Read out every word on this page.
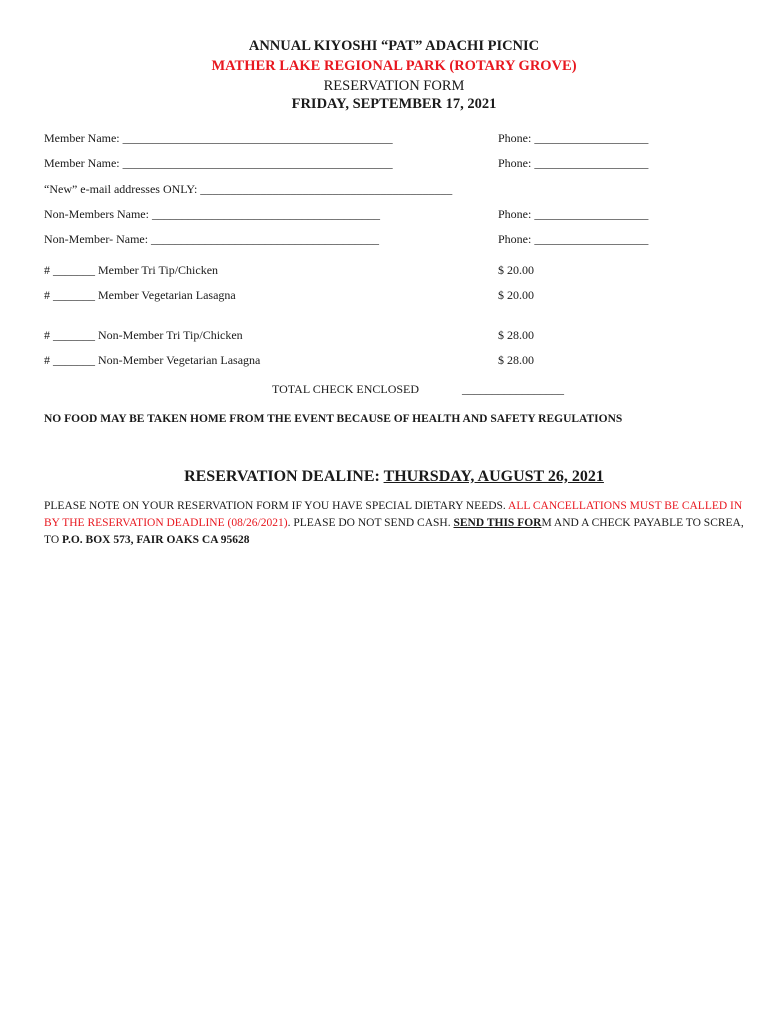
ANNUAL KIYOSHI “PAT” ADACHI PICNIC
MATHER LAKE REGIONAL PARK (ROTARY GROVE)
RESERVATION FORM
FRIDAY, SEPTEMBER 17, 2021
Member Name: _____________________________________________	Phone: ___________________
Member Name: _____________________________________________	Phone: ___________________
“New” e-mail addresses ONLY: __________________________________________
Non-Members Name: ______________________________________	Phone: ___________________
Non-Member- Name: ______________________________________	Phone: ___________________
# _______ Member Tri Tip/Chicken	$ 20.00
# _______ Member Vegetarian Lasagna	$ 20.00
# _______ Non-Member Tri Tip/Chicken	$ 28.00
# _______ Non-Member Vegetarian Lasagna	$ 28.00
TOTAL CHECK ENCLOSED	_________________
NO FOOD MAY BE TAKEN HOME FROM THE EVENT BECAUSE OF HEALTH AND SAFETY REGULATIONS
RESERVATION DEALINE: THURSDAY, AUGUST 26, 2021
PLEASE NOTE ON YOUR RESERVATION FORM IF YOU HAVE SPECIAL DIETARY NEEDS. ALL CANCELLATIONS MUST BE CALLED IN BY THE RESERVATION DEADLINE (08/26/2021). PLEASE DO NOT SEND CASH. SEND THIS FORM AND A CHECK PAYABLE TO SCREA, TO P.O. BOX 573, FAIR OAKS CA 95628
